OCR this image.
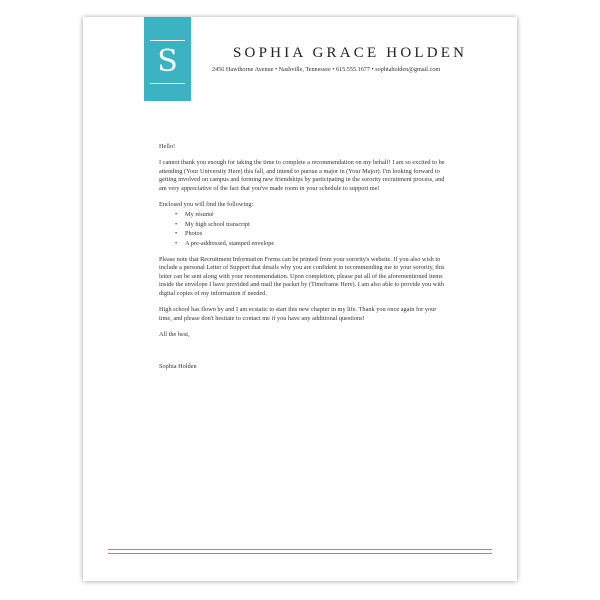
S	SOPHIA GRACE HOLDEN
2456 Hawthorne Avenue • Nashville, Tennessee • 615.555.1677 • sophiaholden@gmail.com

Hello!

I cannot thank you enough for taking the time to complete a recommendation on my behalf! I am so excited to be attending (Your University Here) this fall, and intend to pursue a major in (Your Major). I'm looking forward to getting involved on campus and forming new friendships by participating in the sorority recruitment process, and am very appreciative of the fact that you've made room in your schedule to support me!

Enclosed you will find the following:

• My résumé
• My high school transcript
• Photos
• A pre-addressed, stamped envelope

Please note that Recruitment Information Forms can be printed from your sorority's website. If you also wish to include a personal Letter of Support that details why you are confident in recommending me to your sorority, this letter can be sent along with your recommendation. Upon completion, please put all of the aforementioned items inside the envelope I have provided and mail the packet by (Timeframe Here). I am also able to provide you with digital copies of my information if needed.

High school has flown by and I am ecstatic to start this new chapter in my life. Thank you once again for your time, and please don't hesitate to contact me if you have any additional questions!

All the best,

Sophia Holden
